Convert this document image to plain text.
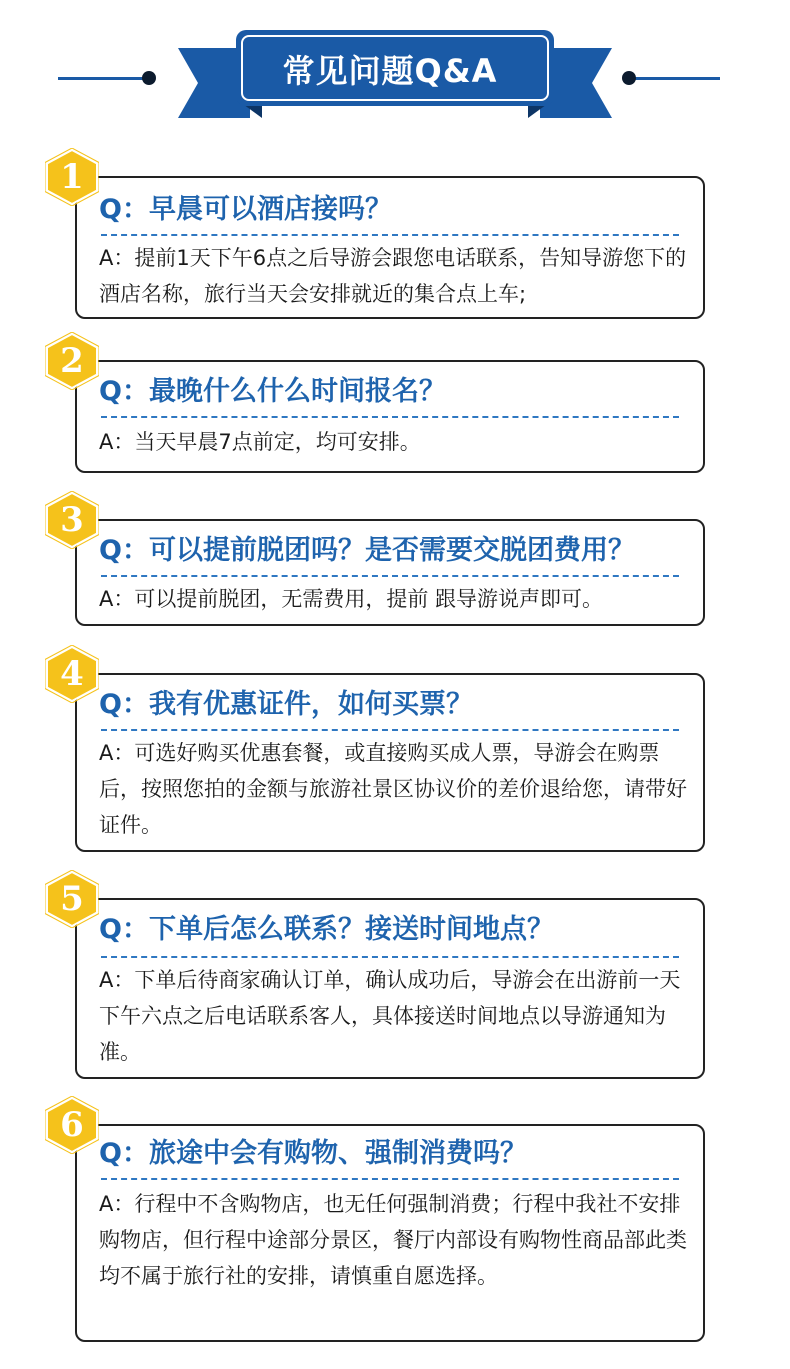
常见问题Q&A
1
Q：早晨可以酒店接吗？
A：提前1天下午6点之后导游会跟您电话联系，告知导游您下的酒店名称，旅行当天会安排就近的集合点上车;
2
Q：最晚什么什么时间报名？
A：当天早晨7点前定，均可安排。
3
Q：可以提前脱团吗？是否需要交脱团费用？
A：可以提前脱团，无需费用，提前 跟导游说声即可。
4
Q：我有优惠证件，如何买票？
A：可选好购买优惠套餐，或直接购买成人票，导游会在购票后，按照您拍的金额与旅游社景区协议价的差价退给您，请带好证件。
5
Q：下单后怎么联系？接送时间地点？
A：下单后待商家确认订单，确认成功后，导游会在出游前一天下午六点之后电话联系客人，具体接送时间地点以导游通知为准。
6
Q：旅途中会有购物、强制消费吗？
A：行程中不含购物店，也无任何强制消费；行程中我社不安排购物店，但行程中途部分景区，餐厅内部设有购物性商品部此类均不属于旅行社的安排，请慎重自愿选择。
